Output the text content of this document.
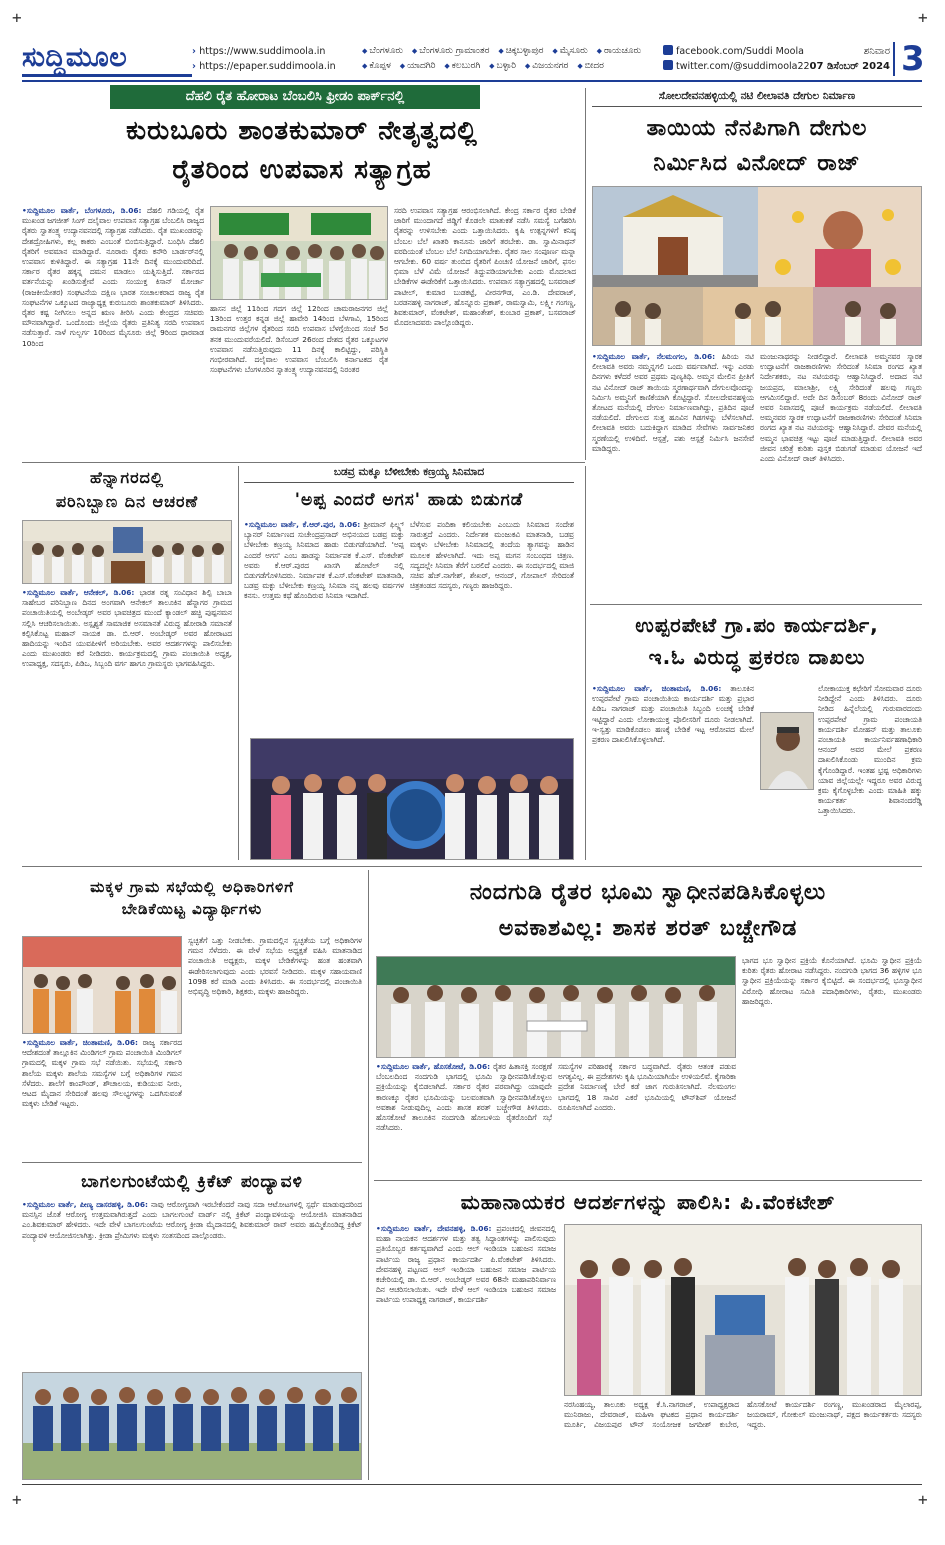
+	+
+	+
ಸುದ್ದಿಮೂಲ	› https://www.suddimoola.in
› https://epaper.suddimoola.in
◆ ಬೆಂಗಳೂರು ◆ ಬೆಂಗಳೂರು ಗ್ರಾಮಾಂತರ ◆ ಚಿಕ್ಕಬಳ್ಳಾಪುರ ◆ ಮೈಸೂರು ◆ ರಾಯಚೂರು ◆ ಕೊಪ್ಪಳ ◆ ಯಾದಗಿರಿ ◆ ಕಲಬುರಗಿ ◆ ಬಳ್ಳಾರಿ ◆ ವಿಜಯನಗರ ◆ ಬೀದರ
facebook.com/Suddi Moola
twitter.com/@suddimoola22
ಶನಿವಾರ
07 ಡಿಸೆಂಬರ್ 2024 3
ದೆಹಲಿ ರೈತ ಹೋರಾಟ ಬೆಂಬಲಿಸಿ ಫ್ರೀಡಂ ಪಾರ್ಕ್‌ನಲ್ಲಿ
ಕುರುಬೂರು ಶಾಂತಕುಮಾರ್ ನೇತೃತ್ವದಲ್ಲಿ
ರೈತರಿಂದ ಉಪವಾಸ ಸತ್ಯಾಗ್ರಹ
•ಸುದ್ದಿಮೂಲ ವಾರ್ತೆ, ಬೆಂಗಳೂರು, ಡಿ.06: ದೆಹಲಿ ಗಡಿಯಲ್ಲಿ ರೈತ ಮುಖಂಡ ಜಗಜೀತ್ ಸಿಂಗ್ ದಲೈವಾಲ ಉಪವಾಸ ಸತ್ಯಾಗ್ರಹ ಬೆಂಬಲಿಸಿ ರಾಜ್ಯದ ರೈತರು ಸ್ವಾತಂತ್ರ್ಯ ಉದ್ಯಾನವನದಲ್ಲಿ ಸತ್ಯಾಗ್ರಹ ನಡೆಸಿದರು. ರೈತ ಮುಖಂಡರನ್ನು ದೇಶದ್ರೋಹಿಗಳು, ಕಲ್ಲ ಕಾಕರು ಎಂಬಂತೆ ಬಿಂಬಿಸುತ್ತಿದ್ದಾರೆ. ಬಂಧಿಸಿ ದೆಹಲಿ ರೈತರಿಗೆ ಅವಮಾನ ಮಾಡಿದ್ದಾರೆ. ನೂರಾರು ರೈತರು ಕನೌರಿ ಬಾರ್ಡರ್‌ನಲ್ಲಿ ಉಪವಾಸ ಕುಳಿತಿದ್ದಾರೆ. ಈ ಸತ್ಯಾಗ್ರಹ 11ನೇ ದಿನಕ್ಕೆ ಮುಂದುವರಿದಿದೆ. ಸರ್ಕಾರ ರೈತರ ಹಕ್ಕನ್ನ ದಮನ ಮಾಡಲು ಯತ್ನಿಸುತ್ತಿದೆ. ಸರ್ಕಾರದ ವರ್ತನೆಯನ್ನು ಖಂಡಿಸುತ್ತೇವೆ ಎಂದು ಸಂಯುಕ್ತ ಕಿಸಾನ್ ಮೋರ್ಚಾ (ರಾಜಕೀಯೇತರ) ಸಂಘಟನೆಯ ದಕ್ಷಿಣ ಭಾರತ ಸಂಚಾಲಕರಾದ ರಾಜ್ಯ ರೈತ ಸಂಘಟನೆಗಳ ಒಕ್ಕೂಟದ ರಾಜ್ಯಾಧ್ಯಕ್ಷ ಕುರುಬೂರು ಶಾಂತಕುಮಾರ್ ತಿಳಿಸಿದರು. ರೈತರ ಕಷ್ಟ ನೀಗಿಸಲು ಅನ್ನದ ಋಣ ತೀರಿಸಿ ಎಂದು ಕೇಂದ್ರದ ಸಚಿವರು ಮೌನವಾಗಿದ್ದಾರೆ. ಒಂದೊಂದು ಜಿಲ್ಲೆಯ ರೈತರು ಪ್ರತಿನಿತ್ಯ ಸರದಿ ಉಪವಾಸ ನಡೆಸುತ್ತಾರೆ. ನಾಳೆ ಗುಲ್ಬರ್ಗ 10ರಿಂದ ಮೈಸೂರು ಜಿಲ್ಲೆ 9ರಿಂದ ಧಾರವಾಡ 10ರಿಂದ
ಹಾಸನ ಜಿಲ್ಲೆ 11ರಿಂದ ಗದಗ ಜಿಲ್ಲೆ 12ರಿಂದ ಚಾಮರಾಜನಗರ ಜಿಲ್ಲೆ 13ರಿಂದ ಉತ್ತರ ಕನ್ನಡ ಜಿಲ್ಲೆ ಹಾವೇರಿ 14ರಿಂದ ಬೆಳಗಾವಿ, 15ರಿಂದ ರಾಮನಗರ ಜಿಲ್ಲೆಗಳ ರೈತರಿಂದ ಸರದಿ ಉಪವಾಸ ಬೆಳಗ್ಗೆಯಿಂದ ಸಂಜೆ 5ರ ತನಕ ಮುಂದುವರೆಯಲಿದೆ. ಡಿಸೆಂಬರ್ 26ರಂದ ದೇಶದ ರೈತರ ಒಕ್ಕೂಟಗಳ ಉಪವಾಸ ನಡೆಸುತ್ತಿರುವುದು 11 ದಿನಕ್ಕೆ ಕಾಲಿಟ್ಟಿದ್ದು, ಪರಿಸ್ಥಿತಿ ಗಂಭೀರವಾಗಿದೆ. ದಲೈವಾಲ ಉಪವಾಸ ಬೆಂಬಲಿಸಿ ಕರ್ನಾಟಕದ ರೈತ ಸಂಘಟನೆಗಳು ಬೆಂಗಳೂರಿನ ಸ್ವಾತಂತ್ರ್ಯ ಉದ್ಯಾನವನದಲ್ಲಿ ನಿರಂತರ
ಸರದಿ ಉಪವಾಸ ಸತ್ಯಾಗ್ರಹ ಆರಂಭಿಸಲಾಗಿದೆ. ಕೇಂದ್ರ ಸರ್ಕಾರ ರೈತರ ಬೇಡಿಕೆ ಜಾರಿಗೆ ಮುಂದಾಗದೆ ಜಿಡ್ಡಿಗೆ ಕೊಡಲೇ ಮಾತುಕತೆ ನಡೆಸಿ ಸಮಸ್ಯೆ ಬಗೆಹರಿಸಿ ರೈತರನ್ನು ಉಳಿಸಬೇಕು ಎಂದು ಒತ್ತಾಯಿಸಿದರು. ಕೃಷಿ ಉತ್ಪನ್ನಗಳಿಗೆ ಕನಿಷ್ಠ ಬೆಂಬಲ ಬೆಲೆ ಖಾತರಿ ಕಾನೂನು ಜಾರಿಗೆ ತರಬೇಕು. ಡಾ. ಸ್ವಾಮಿನಾಥನ್ ವರದಿಯಂತೆ ಬೆಂಬಲ ಬೆಲೆ ನಿಗದಿಯಾಗಬೇಕು. ರೈತರ ಸಾಲ ಸಂಪೂರ್ಣ ಮನ್ನಾ ಆಗಬೇಕು. 60 ವರ್ಷ ತುಂಬಿದ ರೈತರಿಗೆ ಪಿಂಚಣಿ ಯೋಜನೆ ಜಾರಿಗೆ, ಫಸಲ ಭಿಮಾ ಬೆಳೆ ವಿಮೆ ಯೋಜನೆ ತಿದ್ದುಪಡಿಯಾಗಬೇಕು ಎಂದು ಮೊದಲಾದ ಬೇಡಿಕೆಗಳ ಈಡೇರಿಕೆಗೆ ಒತ್ತಾಯಿಸಿದರು. ಉಪವಾಸ ಸತ್ಯಾಗ್ರಹದಲ್ಲಿ ಬಸವರಾಜ್ ಪಾಟೀಲ್, ಕುಮಾರ ಬುಡಕಟ್ಟೆ, ವೀರನಗೌಡ, ಎಂ.ಡಿ. ದೇವರಾಜ್, ಬರಡನಹಳ್ಳಿ ನಾಗರಾಜ್, ಹೊನ್ನೂರು ಪ್ರಕಾಶ್, ರಾಮಸ್ವಾಮಿ, ಲಕ್ಷ್ಮೀ ಗಂಗಣ್ಣ, ಶಿವಕುಮಾರ್, ವೆಂಕಟೇಶ್, ಮಹಾಂತೇಶ್, ಕುಂಬಾರ ಪ್ರಕಾಶ್, ಬಸವರಾಜ್ ಮೊದಲಾದವರು ಪಾಲ್ಗೊಂಡಿದ್ದರು.
ಸೋಲದೇವನಹಳ್ಳಿಯಲ್ಲಿ ನಟಿ ಲೀಲಾವತಿ ದೇಗುಲ ನಿರ್ಮಾಣ
ತಾಯಿಯ ನೆನಪಿಗಾಗಿ ದೇಗುಲ
ನಿರ್ಮಿಸಿದ ವಿನೋದ್ ರಾಜ್
•ಸುದ್ದಿಮೂಲ ವಾರ್ತೆ, ನೆಲಮಂಗಲ, ಡಿ.06: ಹಿರಿಯ ನಟಿ ಲೀಲಾವತಿ ಅವರು ನಮ್ಮನ್ನಗಲಿ ಒಂದು ವರ್ಷವಾಗಿದೆ. ಇನ್ನು ಎರಡು ದಿನಗಳು ಕಳೆದರೆ ಅವರ ಪ್ರಥಮ ಪುಣ್ಯತಿಥಿ. ಅಮ್ಮನ ಮೇಲಿನ ಪ್ರೀತಿಗೆ ನಟ ವಿನೋದ್ ರಾಜ್ ತಾಯಿಯ ಸ್ಮರಣಾರ್ಥವಾಗಿ ದೇಗುಲವೊಂದನ್ನು ನಿರ್ಮಿಸಿ ಅಮ್ಮನಿಗೆ ಕಾಣಿಕೆಯಾಗಿ ಕೊಟ್ಟಿದ್ದಾರೆ. ಸೋಲದೇವನಹಳ್ಳಿಯ ತೋಟದ ಮನೆಯಲ್ಲಿ ದೇಗುಲ ನಿರ್ಮಾಣವಾಗಿದ್ದು, ಪ್ರತಿದಿನ ಪೂಜೆ ನಡೆಯಲಿದೆ. ದೇಗುಲದ ಸುತ್ತ ಹೂವಿನ ಗಿಡಗಳನ್ನು ಬೆಳೆಸಲಾಗಿದೆ. ಲೀಲಾವತಿ ಅವರು ಬದುಕಿದ್ದಾಗ ಮಾಡಿದ ಸೇವೆಗಳು ಸಾರ್ವಜನಿಕರ ಸ್ಮರಣೆಯಲ್ಲಿ ಉಳಿದಿವೆ. ಆಸ್ಪತ್ರೆ, ಪಶು ಆಸ್ಪತ್ರೆ ನಿರ್ಮಿಸಿ ಜನಸೇವೆ ಮಾಡಿದ್ದರು.
ಮಂಜುನಾಥರನ್ನು ನೀಡಲಿದ್ದಾರೆ. ಲೀಲಾವತಿ ಅಮ್ಮನವರ ಸ್ಮಾರಕ ಉದ್ಘಾಟನೆಗೆ ರಾಜಕಾರಣಿಗಳು ಸೇರಿದಂತೆ ಸಿನಿಮಾ ರಂಗದ ಖ್ಯಾತ ನಿರ್ದೇಶಕರು, ನಟ ನಟಿಯರನ್ನು ಆಹ್ವಾನಿಸಿದ್ದಾರೆ. ಅದಾದ ನಟಿ ಜಯಪ್ರದ, ಮಾಲಾಶ್ರೀ, ಲಕ್ಷ್ಮಿ ಸೇರಿದಂತೆ ಹಲವು ಗಣ್ಯರು ಆಗಮಿಸಲಿದ್ದಾರೆ. ಅದೇ ದಿನ ಡಿಸೆಂಬರ್ 8ರಂದು ವಿನೋದ್ ರಾಜ್ ಅವರ ನಿವಾಸದಲ್ಲಿ ಪೂಜೆ ಕಾರ್ಯಕ್ರಮ ನಡೆಯಲಿದೆ. ಲೀಲಾವತಿ ಅಮ್ಮನವರ ಸ್ಮಾರಕ ಉದ್ಘಾಟನೆಗೆ ರಾಜಕಾರಣಿಗಳು ಸೇರಿದಂತೆ ಸಿನಿಮಾ ರಂಗದ ಖ್ಯಾತ ನಟ ನಟಿಯರನ್ನು ಆಹ್ವಾನಿಸಿದ್ದಾರೆ. ದೇವರ ಮನೆಯಲ್ಲಿ ಅಮ್ಮನ ಭಾವಚಿತ್ರ ಇಟ್ಟು ಪೂಜೆ ಮಾಡುತ್ತಿದ್ದಾರೆ. ಲೀಲಾವತಿ ಅವರ ಜೀವನ ಚರಿತ್ರೆ ಕುರಿತು ಪುಸ್ತಕ ಬಿಡುಗಡೆ ಮಾಡುವ ಯೋಜನೆ ಇದೆ ಎಂದು ವಿನೋದ್ ರಾಜ್ ತಿಳಿಸಿದರು.
ಹೆನ್ನಾಗರದಲ್ಲಿ
ಪರಿನಿಬ್ಬಾಣ ದಿನ ಆಚರಣೆ
•ಸುದ್ದಿಮೂಲ ವಾರ್ತೆ, ಆನೇಕಲ್, ಡಿ.06: ಭಾರತ ರತ್ನ ಸಂವಿಧಾನ ಶಿಲ್ಪಿ ಬಾಬಾ ಸಾಹೇಬರ ಪರಿನಿಬ್ಬಾಣ ದಿನದ ಅಂಗವಾಗಿ ಆನೇಕಲ್ ತಾಲೂಕಿನ ಹೆನ್ನಾಗರ ಗ್ರಾಮದ ಪಂಚಾಯಿತಿಯಲ್ಲಿ ಅಂಬೇಡ್ಕರ್ ಅವರ ಭಾವಚಿತ್ರದ ಮುಂದೆ ಕ್ಯಾಂಡಲ್ ಹಚ್ಚಿ ಪುಷ್ಪನಮನ ಸಲ್ಲಿಸಿ ಆಚರಿಸಲಾಯಿತು. ಅಸ್ಪೃಶ್ಯತೆ ಸಾಮಾಜಿಕ ಅಸಮಾನತೆ ವಿರುದ್ಧ ಹೋರಾಡಿ ಸಮಾನತೆ ಕಲ್ಪಿಸಿಕೊಟ್ಟ ಮಹಾನ್ ನಾಯಕ ಡಾ. ಬಿ.ಆರ್. ಅಂಬೇಡ್ಕರ್ ಅವರ ಹೋರಾಟದ ಹಾದಿಯನ್ನು ಇಂದಿನ ಯುವಪೀಳಿಗೆ ಅರಿಯಬೇಕು. ಅವರ ಆದರ್ಶಗಳನ್ನು ಪಾಲಿಸಬೇಕು ಎಂದು ಮುಖಂಡರು ಕರೆ ನೀಡಿದರು. ಕಾರ್ಯಕ್ರಮದಲ್ಲಿ ಗ್ರಾಮ ಪಂಚಾಯಿತಿ ಅಧ್ಯಕ್ಷ, ಉಪಾಧ್ಯಕ್ಷ, ಸದಸ್ಯರು, ಪಿಡಿಒ, ಸಿಬ್ಬಂದಿ ವರ್ಗ ಹಾಗೂ ಗ್ರಾಮಸ್ಥರು ಭಾಗವಹಿಸಿದ್ದರು.
ಬಡವ್ರ ಮಕ್ಕೂ ಬೆಳೀಬೇಕು ಕಣ್ರಯ್ಯ ಸಿನಿಮಾದ
'ಅಪ್ಪ ಎಂದರೆ ಅಗಸ' ಹಾಡು ಬಿಡುಗಡೆ
•ಸುದ್ದಿಮೂಲ ವಾರ್ತೆ, ಕೆ.ಆರ್.ಪುರ, ಡಿ.06: ಶ್ರೀಮಾನ್ ಫಿಲ್ಡ್ಸ್ ಬ್ಯಾನರ್ ನಿರ್ಮಾಣದ ಸುಚೇಂದ್ರಪ್ರಸಾದ್ ಅಭಿನಯದ ಬಡವ್ರ ಮಕ್ಳು ಬೆಳೀಬೇಕು ಕಣ್ರಯ್ಯ ಸಿನಿಮಾದ ಹಾಡು ಬಿಡುಗಡೆಯಾಗಿದೆ. 'ಅಪ್ಪ ಎಂದರೆ ಅಗಸ' ಎಂಬ ಹಾಡನ್ನು ನಿರ್ಮಾಪಕ ಕೆ.ಎಸ್. ವೆಂಕಟೇಶ್ ಅವರು ಕೆ.ಆರ್.ಪುರದ ಖಾಸಗಿ ಹೋಟೆಲ್ ನಲ್ಲಿ ಬಿಡುಗಡೆಗೊಳಿಸಿದರು. ನಿರ್ಮಾಪಕ ಕೆ.ಎಸ್.ವೆಂಕಟೇಶ್ ಮಾತನಾಡಿ, ಬಡವ್ರ ಮಕ್ಳು ಬೆಳೀಬೇಕು ಕಣ್ರಯ್ಯ ಸಿನಿಮಾ ನನ್ನ ಹಲವು ವರ್ಷಗಳ ಕನಸು. ಉತ್ತಮ ಕಥೆ ಹೊಂದಿರುವ ಸಿನಿಮಾ ಇದಾಗಿದೆ.
ಬೆಳೆಸುವ ಪಂದಿಕಾ ಕಲಿಯಬೇಕು ಎಂಬುದು ಸಿನಿಮಾದ ಸಂದೇಶ ಸಾರುತ್ತದೆ ಎಂದರು. ನಿರ್ದೇಶಕ ಮಂಜುಕವಿ ಮಾತನಾಡಿ, ಬಡವ್ರ ಮಕ್ಕಳು ಬೆಳೀಬೇಕು ಸಿನಿಮಾದಲ್ಲಿ ತಂದೆಯ ತ್ಯಾಗವನ್ನು ಹಾಡಿನ ಮೂಲಕ ಹೇಳಲಾಗಿದೆ. ಇದು ಅಪ್ಪ ಮಗನ ಸಂಬಂಧದ ಚಿತ್ರಣ. ಸದ್ಯದಲ್ಲೇ ಸಿನಿಮಾ ತೆರೆಗೆ ಬರಲಿದೆ ಎಂದರು. ಈ ಸಂದರ್ಭದಲ್ಲಿ ಮಾಜಿ ಸಚಿವ ಹೆಚ್.ನಾಗೇಶ್, ಶೇಖರ್, ಆನಂದ್, ಗೋಪಾಲ್ ಸೇರಿದಂತೆ ಚಿತ್ರತಂಡದ ಸದಸ್ಯರು, ಗಣ್ಯರು ಹಾಜರಿದ್ದರು.
ಉಪ್ಪರಪೇಟೆ ಗ್ರಾ.ಪಂ ಕಾರ್ಯದರ್ಶಿ,
ಇ.ಓ ವಿರುದ್ಧ ಪ್ರಕರಣ ದಾಖಲು
•ಸುದ್ದಿಮೂಲ ವಾರ್ತೆ, ಚಿಂತಾಮಣಿ, ಡಿ.06: ತಾಲೂಕಿನ ಉಪ್ಪರಪೇಟೆ ಗ್ರಾಮ ಪಂಚಾಯಿತಿಯ ಕಾರ್ಯದರ್ಶಿ ಮತ್ತು ಪ್ರಭಾರ ಪಿಡಿಒ ನಾಗರಾಜ್ ಮತ್ತು ಪಂಚಾಯಿತಿ ಸಿಬ್ಬಂದಿ ಲಂಚಕ್ಕೆ ಬೇಡಿಕೆ ಇಟ್ಟಿದ್ದಾರೆ ಎಂದು ಲೋಕಾಯುಕ್ತ ಪೊಲೀಸರಿಗೆ ದೂರು ನೀಡಲಾಗಿದೆ. ಇ-ಸ್ವತ್ತು ಮಾಡಿಕೊಡಲು ಹಣಕ್ಕೆ ಬೇಡಿಕೆ ಇಟ್ಟ ಆರೋಪದ ಮೇಲೆ ಪ್ರಕರಣ ದಾಖಲಿಸಿಕೊಳ್ಳಲಾಗಿದೆ.
ಲೋಕಾಯುಕ್ತ ಕಛೇರಿಗೆ ಸೋಮವಾರ ದೂರು ನೀಡಿದ್ದೇನೆ ಎಂದು ತಿಳಿಸಿದರು. ದೂರು ನೀಡಿದ ಹಿನ್ನೆಲೆಯಲ್ಲಿ ಗುರುವಾರದಂದು ಉಪ್ಪರಪೇಟೆ ಗ್ರಾಮ ಪಂಚಾಯತಿ ಕಾರ್ಯದರ್ಶಿ ಮೋಹನ್ ಮತ್ತು ತಾಲೂಕು ಪಂಚಾಯತಿ ಕಾರ್ಯನಿರ್ವಹಣಾಧಿಕಾರಿ ಆನಂದ್ ಅವರ ಮೇಲೆ ಪ್ರಕರಣ ದಾಖಲಿಸಿಕೊಂಡು ಮುಂದಿನ ಕ್ರಮ ಕೈಗೊಂಡಿದ್ದಾರೆ. ಇಂತಹ ಭ್ರಷ್ಟ ಅಧಿಕಾರಿಗಳು ಯಾವ ಜಿಲ್ಲೆಯಲ್ಲೇ ಇದ್ದರೂ ಅವರ ವಿರುದ್ಧ ಕ್ರಮ ಕೈಗೊಳ್ಳಬೇಕು ಎಂದು ಮಾಹಿತಿ ಹಕ್ಕು ಕಾರ್ಯಕರ್ತ ಶಿವಾನಂದರೆಡ್ಡಿ ಒತ್ತಾಯಿಸಿದರು.
ಮಕ್ಕಳ ಗ್ರಾಮ ಸಭೆಯಲ್ಲಿ ಅಧಿಕಾರಿಗಳಿಗೆ
ಬೇಡಿಕೆಯಿಟ್ಟ ವಿದ್ಯಾರ್ಥಿಗಳು
•ಸುದ್ದಿಮೂಲ ವಾರ್ತೆ, ಚಿಂತಾಮಣಿ, ಡಿ.06: ರಾಜ್ಯ ಸರ್ಕಾರದ ಆದೇಶದಂತೆ ತಾಲ್ಲೂಕಿನ ಮಿಂಡಿಗಲ್ ಗ್ರಾಮ ಪಂಚಾಯಿತಿ ಮಿಂಡಿಗಲ್ ಗ್ರಾಮದಲ್ಲಿ ಮಕ್ಕಳ ಗ್ರಾಮ ಸಭೆ ನಡೆಯಿತು. ಸಭೆಯಲ್ಲಿ ಸರ್ಕಾರಿ ಶಾಲೆಯ ಮಕ್ಕಳು ಶಾಲೆಯ ಸಮಸ್ಯೆಗಳ ಬಗ್ಗೆ ಅಧಿಕಾರಿಗಳ ಗಮನ ಸೆಳೆದರು. ಶಾಲೆಗೆ ಕಾಂಪೌಂಡ್, ಶೌಚಾಲಯ, ಕುಡಿಯುವ ನೀರು, ಆಟದ ಮೈದಾನ ಸೇರಿದಂತೆ ಹಲವು ಸೌಲಭ್ಯಗಳನ್ನು ಒದಗಿಸುವಂತೆ ಮಕ್ಕಳು ಬೇಡಿಕೆ ಇಟ್ಟರು.
ಸ್ವಚ್ಛತೆಗೆ ಒತ್ತು ನೀಡಬೇಕು. ಗ್ರಾಮದಲ್ಲಿನ ಸ್ವಚ್ಛತೆಯ ಬಗ್ಗೆ ಅಧಿಕಾರಿಗಳ ಗಮನ ಸೆಳೆದರು. ಈ ವೇಳೆ ಸಭೆಯ ಅಧ್ಯಕ್ಷತೆ ವಹಿಸಿ ಮಾತನಾಡಿದ ಪಂಚಾಯಿತಿ ಅಧ್ಯಕ್ಷರು, ಮಕ್ಕಳ ಬೇಡಿಕೆಗಳನ್ನು ಹಂತ ಹಂತವಾಗಿ ಈಡೇರಿಸಲಾಗುವುದು ಎಂದು ಭರವಸೆ ನೀಡಿದರು. ಮಕ್ಕಳ ಸಹಾಯವಾಣಿ 1098 ಕರೆ ಮಾಡಿ ಎಂದು ತಿಳಿಸಿದರು. ಈ ಸಂದರ್ಭದಲ್ಲಿ ಪಂಚಾಯಿತಿ ಅಭಿವೃದ್ಧಿ ಅಧಿಕಾರಿ, ಶಿಕ್ಷಕರು, ಮಕ್ಕಳು ಹಾಜರಿದ್ದರು.
ಬಾಗಲಗುಂಟೆಯಲ್ಲಿ ಕ್ರಿಕೆಟ್ ಪಂದ್ಯಾವಳಿ
•ಸುದ್ದಿಮೂಲ ವಾರ್ತೆ, ಪೀಣ್ಯ ದಾಸರಹಳ್ಳಿ, ಡಿ.06: ನಾವು ಆರೋಗ್ಯವಾಗಿ ಇರಬೇಕೆಂದರೆ ನಾವು ಸದಾ ಆಟೋಟಗಳಲ್ಲಿ ಸ್ಪರ್ಧೆ ಮಾಡುವುದರಿಂದ ಮನಸ್ಸಿನ ಜೊತೆ ಆರೋಗ್ಯ ಉತ್ತಮವಾಗಿರುತ್ತದೆ ಎಂದು ಬಾಗಲಗುಂಟೆ ವಾರ್ಡ್ ನಲ್ಲಿ ಕ್ರಿಕೆಟ್ ಪಂದ್ಯಾವಳಿಯನ್ನು ಆಯೋಜಿಸಿ ಮಾತನಾಡಿದ ಎಂ.ಶಿವಕುಮಾರ್ ಹೇಳಿದರು. ಇದೇ ವೇಳೆ ಬಾಗಲಗುಂಟೆಯ ಆರೋಗ್ಯ ಕ್ರೀಡಾ ಮೈದಾನದಲ್ಲಿ ಶಿವಕುಮಾರ್ ರಾವ್ ಅವರು ಹಮ್ಮಿಕೊಂಡಿದ್ದ ಕ್ರಿಕೆಟ್ ಪಂದ್ಯಾವಳಿ ಆಯೋಜಿಸಲಾಗಿತ್ತು. ಕ್ರೀಡಾ ಪ್ರೇಮಿಗಳು ಮಕ್ಕಳು ಸಂತಸದಿಂದ ಪಾಲ್ಗೊಂಡರು.
ನಂದಗುಡಿ ರೈತರ ಭೂಮಿ ಸ್ವಾಧೀನಪಡಿಸಿಕೊಳ್ಳಲು
ಅವಕಾಶವಿಲ್ಲ: ಶಾಸಕ ಶರತ್ ಬಚ್ಚೇಗೌಡ
•ಸುದ್ದಿಮೂಲ ವಾರ್ತೆ, ಹೊಸಕೋಟೆ, ಡಿ.06: ರೈತರ ಹಿತಾಸಕ್ತಿ ಸಂರಕ್ಷಣೆ ಬೆಂಬಲದಿಂದ ನಂದಗುಡಿ ಭಾಗದಲ್ಲಿ ಭೂಮಿ ಸ್ವಾಧೀನಪಡಿಸಿಕೊಳ್ಳುವ ಪ್ರಕ್ರಿಯೆಯನ್ನು ಕೈಬಿಡಲಾಗಿದೆ. ಸರ್ಕಾರ ರೈತರ ಪರವಾಗಿದ್ದು ಯಾವುದೇ ಕಾರಣಕ್ಕೂ ರೈತರ ಭೂಮಿಯನ್ನು ಬಲವಂತವಾಗಿ ಸ್ವಾಧೀನಪಡಿಸಿಕೊಳ್ಳಲು ಅವಕಾಶ ನೀಡುವುದಿಲ್ಲ ಎಂದು ಶಾಸಕ ಶರತ್ ಬಚ್ಚೇಗೌಡ ತಿಳಿಸಿದರು. ಹೊಸಕೋಟೆ ತಾಲೂಕಿನ ನಂದಗುಡಿ ಹೋಬಳಿಯ ರೈತರೊಂದಿಗೆ ಸಭೆ ನಡೆಸಿದರು.
ಸಮಸ್ಯೆಗಳ ಪರಿಹಾರಕ್ಕೆ ಸರ್ಕಾರ ಬದ್ಧವಾಗಿದೆ. ರೈತರು ಆತಂಕ ಪಡುವ ಅಗತ್ಯವಿಲ್ಲ. ಈ ಪ್ರದೇಶಗಳು ಕೃಷಿ ಭೂಮಿಯಾಗಿಯೇ ಉಳಿಯಲಿವೆ. ಕೈಗಾರಿಕಾ ಪ್ರದೇಶ ನಿರ್ಮಾಣಕ್ಕೆ ಬೇರೆ ಕಡೆ ಜಾಗ ಗುರುತಿಸಲಾಗಿದೆ. ನೆಲಮಂಗಲ ಭಾಗದಲ್ಲಿ 18 ಸಾವಿರ ಎಕರೆ ಭೂಮಿಯಲ್ಲಿ ಟೌನ್‌ಶಿಪ್ ಯೋಜನೆ ರೂಪಿಸಲಾಗಿದೆ ಎಂದರು.
ಭಾಗದ ಭೂ ಸ್ವಾಧೀನ ಪ್ರಕ್ರಿಯೆ ಕೊನೆಯಾಗಿದೆ. ಭೂಮಿ ಸ್ವಾಧೀನ ಪ್ರಕ್ರಿಯೆ ಕುರಿತು ರೈತರು ಹೋರಾಟ ನಡೆಸಿದ್ದರು. ನಂದಗುಡಿ ಭಾಗದ 36 ಹಳ್ಳಿಗಳ ಭೂ ಸ್ವಾಧೀನ ಪ್ರಕ್ರಿಯೆಯನ್ನು ಸರ್ಕಾರ ಕೈಬಿಟ್ಟಿದೆ. ಈ ಸಂದರ್ಭದಲ್ಲಿ ಭೂಸ್ವಾಧೀನ ವಿರೋಧಿ ಹೋರಾಟ ಸಮಿತಿ ಪದಾಧಿಕಾರಿಗಳು, ರೈತರು, ಮುಖಂಡರು ಹಾಜರಿದ್ದರು.
ಮಹಾನಾಯಕರ ಆದರ್ಶಗಳನ್ನು ಪಾಲಿಸಿ: ಪಿ.ವೆಂಕಟೇಶ್
•ಸುದ್ದಿಮೂಲ ವಾರ್ತೆ, ದೇವನಹಳ್ಳಿ, ಡಿ.06: ಪ್ರಪಂಚದಲ್ಲಿ ಜೀವನದಲ್ಲಿ ಮಹಾ ನಾಯಕನ ಆದರ್ಶಗಳ ಮತ್ತು ತತ್ವ ಸಿದ್ಧಾಂತಗಳನ್ನು ಪಾಲಿಸುವುದು ಪ್ರತಿಯೊಬ್ಬರ ಕರ್ತವ್ಯವಾಗಿದೆ ಎಂದು ಆಲ್ ಇಂಡಿಯಾ ಬಹುಜನ ಸಮಾಜ ಪಾರ್ಟಿಯ ರಾಜ್ಯ ಪ್ರಧಾನ ಕಾರ್ಯದರ್ಶಿ ಪಿ.ವೆಂಕಟೇಶ್ ತಿಳಿಸಿದರು. ದೇವನಹಳ್ಳಿ ಪಟ್ಟಣದ ಆಲ್ ಇಂಡಿಯಾ ಬಹುಜನ ಸಮಾಜ ಪಾರ್ಟಿಯ ಕಚೇರಿಯಲ್ಲಿ ಡಾ. ಬಿ.ಆರ್. ಅಂಬೇಡ್ಕರ್ ಅವರ 68ನೇ ಮಹಾಪರಿನಿರ್ವಾಣ ದಿನ ಆಚರಿಸಲಾಯಿತು. ಇದೇ ವೇಳೆ ಆಲ್ ಇಂಡಿಯಾ ಬಹುಜನ ಸಮಾಜ ಪಾರ್ಟಿಯ ಉಪಾಧ್ಯಕ್ಷ ನಾಗರಾಜ್, ಕಾರ್ಯದರ್ಶಿ
ನರಸಿಂಹಯ್ಯ, ತಾಲೂಕು ಅಧ್ಯಕ್ಷ ಕೆ.ಸಿ.ನಾಗರಾಜ್, ಉಪಾಧ್ಯಕ್ಷರಾದ ಮುನಿರಾಜು, ದೇವರಾಜ್, ಮಹಿಳಾ ಘಟಕದ ಪ್ರಧಾನ ಕಾರ್ಯದರ್ಶಿ ಮೂರ್ತಿ, ವಿಜಯಪುರ ಟೌನ್ ಸಂಯೋಜಕ ಜಗದೀಶ್ ಕುಬೇರ, ಹೊಸಕೋಟೆ ಕಾರ್ಯದರ್ಶಿ ರಂಗಣ್ಣ, ಮುಖಂಡರಾದ ಮೈಲಾರಪ್ಪ, ಜಯರಾಮ್, ಗೋಕುಲ್ ಮಂಜುನಾಥ್, ಪಕ್ಷದ ಕಾರ್ಯಕರ್ತರು ಸದಸ್ಯರು ಇದ್ದರು.
